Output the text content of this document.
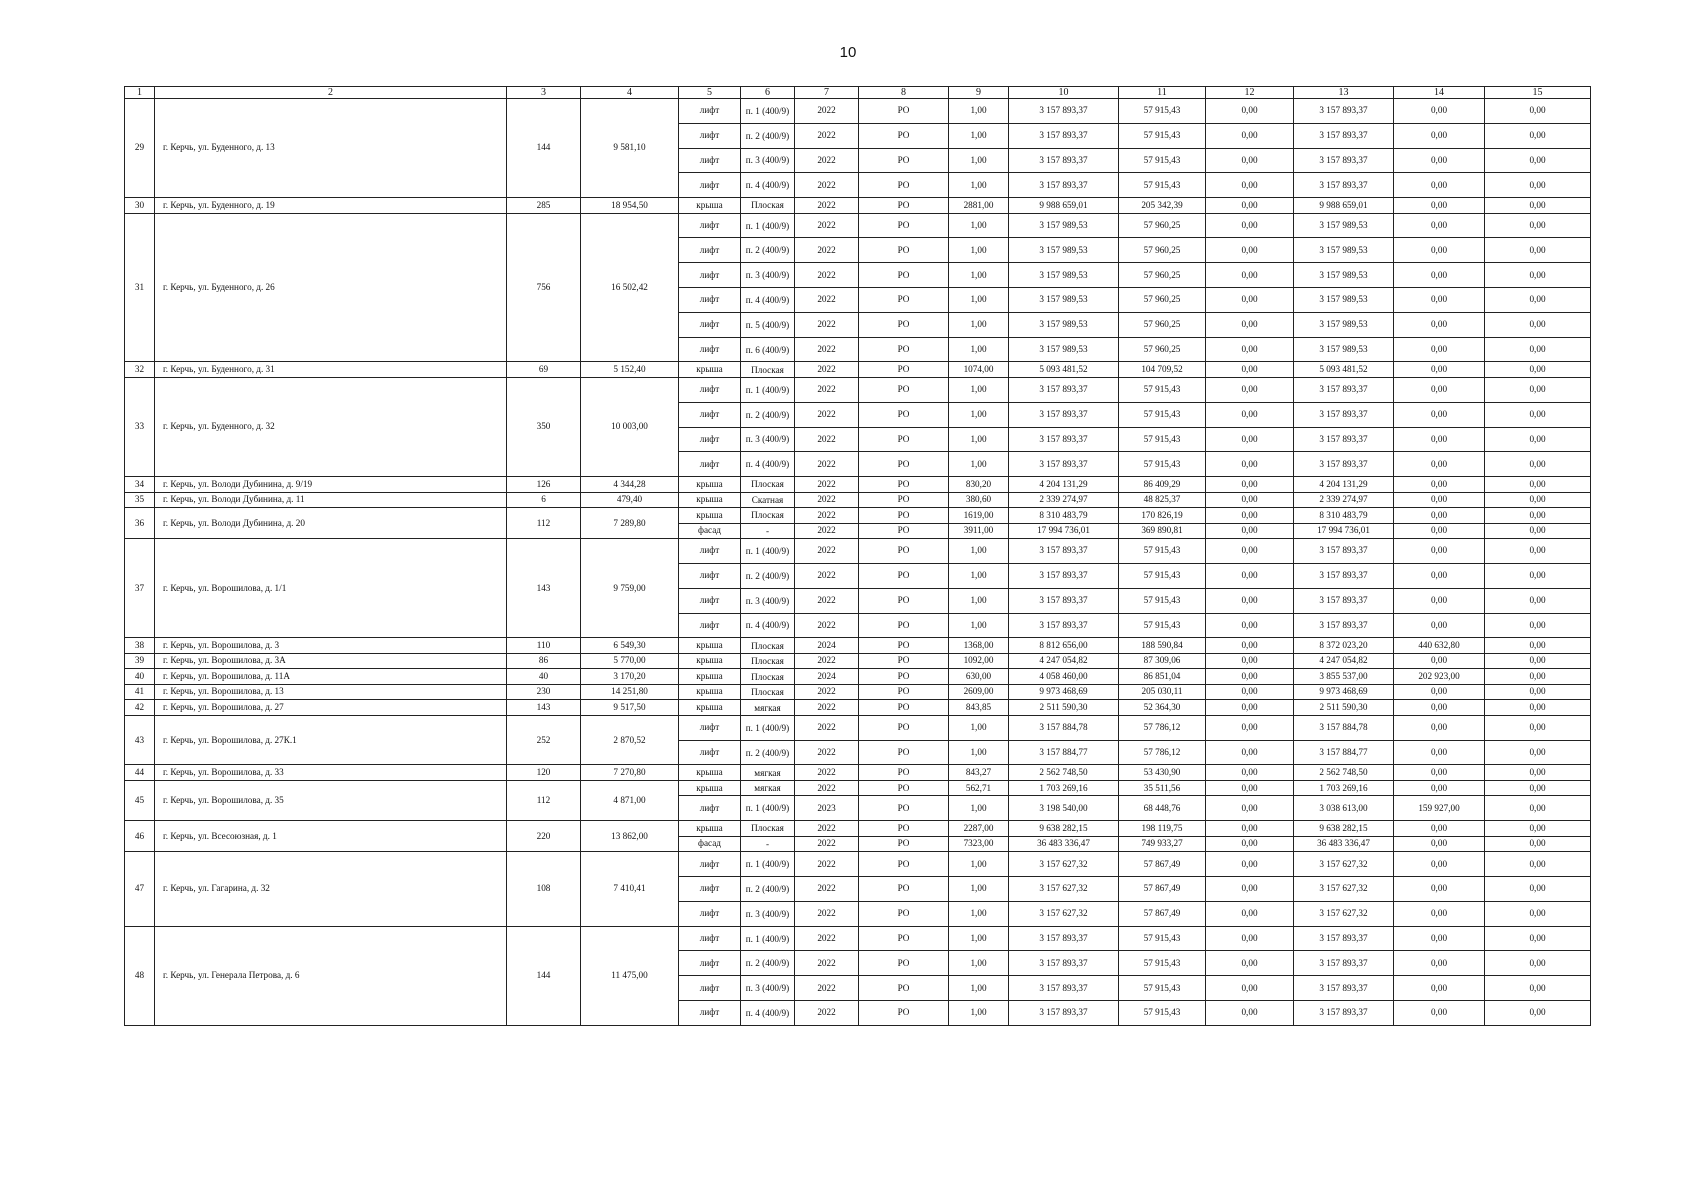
10
1	2	3	4	5	6	7	8	9	10	11	12	13	14	15
29	г. Керчь, ул. Буденного, д. 13	144	9 581,10	лифт	п. 1 (400/9)	2022	РО	1,00	3 157 893,37	57 915,43	0,00	3 157 893,37	0,00	0,00
				лифт	п. 2 (400/9)	2022	РО	1,00	3 157 893,37	57 915,43	0,00	3 157 893,37	0,00	0,00
				лифт	п. 3 (400/9)	2022	РО	1,00	3 157 893,37	57 915,43	0,00	3 157 893,37	0,00	0,00
				лифт	п. 4 (400/9)	2022	РО	1,00	3 157 893,37	57 915,43	0,00	3 157 893,37	0,00	0,00
30	г. Керчь, ул. Буденного, д. 19	285	18 954,50	крыша	Плоская	2022	РО	2881,00	9 988 659,01	205 342,39	0,00	9 988 659,01	0,00	0,00
31	г. Керчь, ул. Буденного, д. 26	756	16 502,42	лифт	п. 1 (400/9)	2022	РО	1,00	3 157 989,53	57 960,25	0,00	3 157 989,53	0,00	0,00
				лифт	п. 2 (400/9)	2022	РО	1,00	3 157 989,53	57 960,25	0,00	3 157 989,53	0,00	0,00
				лифт	п. 3 (400/9)	2022	РО	1,00	3 157 989,53	57 960,25	0,00	3 157 989,53	0,00	0,00
				лифт	п. 4 (400/9)	2022	РО	1,00	3 157 989,53	57 960,25	0,00	3 157 989,53	0,00	0,00
				лифт	п. 5 (400/9)	2022	РО	1,00	3 157 989,53	57 960,25	0,00	3 157 989,53	0,00	0,00
				лифт	п. 6 (400/9)	2022	РО	1,00	3 157 989,53	57 960,25	0,00	3 157 989,53	0,00	0,00
32	г. Керчь, ул. Буденного, д. 31	69	5 152,40	крыша	Плоская	2022	РО	1074,00	5 093 481,52	104 709,52	0,00	5 093 481,52	0,00	0,00
33	г. Керчь, ул. Буденного, д. 32	350	10 003,00	лифт	п. 1 (400/9)	2022	РО	1,00	3 157 893,37	57 915,43	0,00	3 157 893,37	0,00	0,00
				лифт	п. 2 (400/9)	2022	РО	1,00	3 157 893,37	57 915,43	0,00	3 157 893,37	0,00	0,00
				лифт	п. 3 (400/9)	2022	РО	1,00	3 157 893,37	57 915,43	0,00	3 157 893,37	0,00	0,00
				лифт	п. 4 (400/9)	2022	РО	1,00	3 157 893,37	57 915,43	0,00	3 157 893,37	0,00	0,00
34	г. Керчь, ул. Володи Дубинина, д. 9/19	126	4 344,28	крыша	Плоская	2022	РО	830,20	4 204 131,29	86 409,29	0,00	4 204 131,29	0,00	0,00
35	г. Керчь, ул. Володи Дубинина, д. 11	6	479,40	крыша	Скатная	2022	РО	380,60	2 339 274,97	48 825,37	0,00	2 339 274,97	0,00	0,00
36	г. Керчь, ул. Володи Дубинина, д. 20	112	7 289,80	крыша	Плоская	2022	РО	1619,00	8 310 483,79	170 826,19	0,00	8 310 483,79	0,00	0,00
				фасад	-	2022	РО	3911,00	17 994 736,01	369 890,81	0,00	17 994 736,01	0,00	0,00
37	г. Керчь, ул. Ворошилова, д. 1/1	143	9 759,00	лифт	п. 1 (400/9)	2022	РО	1,00	3 157 893,37	57 915,43	0,00	3 157 893,37	0,00	0,00
				лифт	п. 2 (400/9)	2022	РО	1,00	3 157 893,37	57 915,43	0,00	3 157 893,37	0,00	0,00
				лифт	п. 3 (400/9)	2022	РО	1,00	3 157 893,37	57 915,43	0,00	3 157 893,37	0,00	0,00
				лифт	п. 4 (400/9)	2022	РО	1,00	3 157 893,37	57 915,43	0,00	3 157 893,37	0,00	0,00
38	г. Керчь, ул. Ворошилова, д. 3	110	6 549,30	крыша	Плоская	2024	РО	1368,00	8 812 656,00	188 590,84	0,00	8 372 023,20	440 632,80	0,00
39	г. Керчь, ул. Ворошилова, д. 3А	86	5 770,00	крыша	Плоская	2022	РО	1092,00	4 247 054,82	87 309,06	0,00	4 247 054,82	0,00	0,00
40	г. Керчь, ул. Ворошилова, д. 11А	40	3 170,20	крыша	Плоская	2024	РО	630,00	4 058 460,00	86 851,04	0,00	3 855 537,00	202 923,00	0,00
41	г. Керчь, ул. Ворошилова, д. 13	230	14 251,80	крыша	Плоская	2022	РО	2609,00	9 973 468,69	205 030,11	0,00	9 973 468,69	0,00	0,00
42	г. Керчь, ул. Ворошилова, д. 27	143	9 517,50	крыша	мягкая	2022	РО	843,85	2 511 590,30	52 364,30	0,00	2 511 590,30	0,00	0,00
43	г. Керчь, ул. Ворошилова, д. 27К.1	252	2 870,52	лифт	п. 1 (400/9)	2022	РО	1,00	3 157 884,78	57 786,12	0,00	3 157 884,78	0,00	0,00
				лифт	п. 2 (400/9)	2022	РО	1,00	3 157 884,77	57 786,12	0,00	3 157 884,77	0,00	0,00
44	г. Керчь, ул. Ворошилова, д. 33	120	7 270,80	крыша	мягкая	2022	РО	843,27	2 562 748,50	53 430,90	0,00	2 562 748,50	0,00	0,00
45	г. Керчь, ул. Ворошилова, д. 35	112	4 871,00	крыша	мягкая	2022	РО	562,71	1 703 269,16	35 511,56	0,00	1 703 269,16	0,00	0,00
				лифт	п. 1 (400/9)	2023	РО	1,00	3 198 540,00	68 448,76	0,00	3 038 613,00	159 927,00	0,00
46	г. Керчь, ул. Всесоюзная, д. 1	220	13 862,00	крыша	Плоская	2022	РО	2287,00	9 638 282,15	198 119,75	0,00	9 638 282,15	0,00	0,00
				фасад	-	2022	РО	7323,00	36 483 336,47	749 933,27	0,00	36 483 336,47	0,00	0,00
47	г. Керчь, ул. Гагарина, д. 32	108	7 410,41	лифт	п. 1 (400/9)	2022	РО	1,00	3 157 627,32	57 867,49	0,00	3 157 627,32	0,00	0,00
				лифт	п. 2 (400/9)	2022	РО	1,00	3 157 627,32	57 867,49	0,00	3 157 627,32	0,00	0,00
				лифт	п. 3 (400/9)	2022	РО	1,00	3 157 627,32	57 867,49	0,00	3 157 627,32	0,00	0,00
48	г. Керчь, ул. Генерала Петрова, д. 6	144	11 475,00	лифт	п. 1 (400/9)	2022	РО	1,00	3 157 893,37	57 915,43	0,00	3 157 893,37	0,00	0,00
				лифт	п. 2 (400/9)	2022	РО	1,00	3 157 893,37	57 915,43	0,00	3 157 893,37	0,00	0,00
				лифт	п. 3 (400/9)	2022	РО	1,00	3 157 893,37	57 915,43	0,00	3 157 893,37	0,00	0,00
				лифт	п. 4 (400/9)	2022	РО	1,00	3 157 893,37	57 915,43	0,00	3 157 893,37	0,00	0,00
